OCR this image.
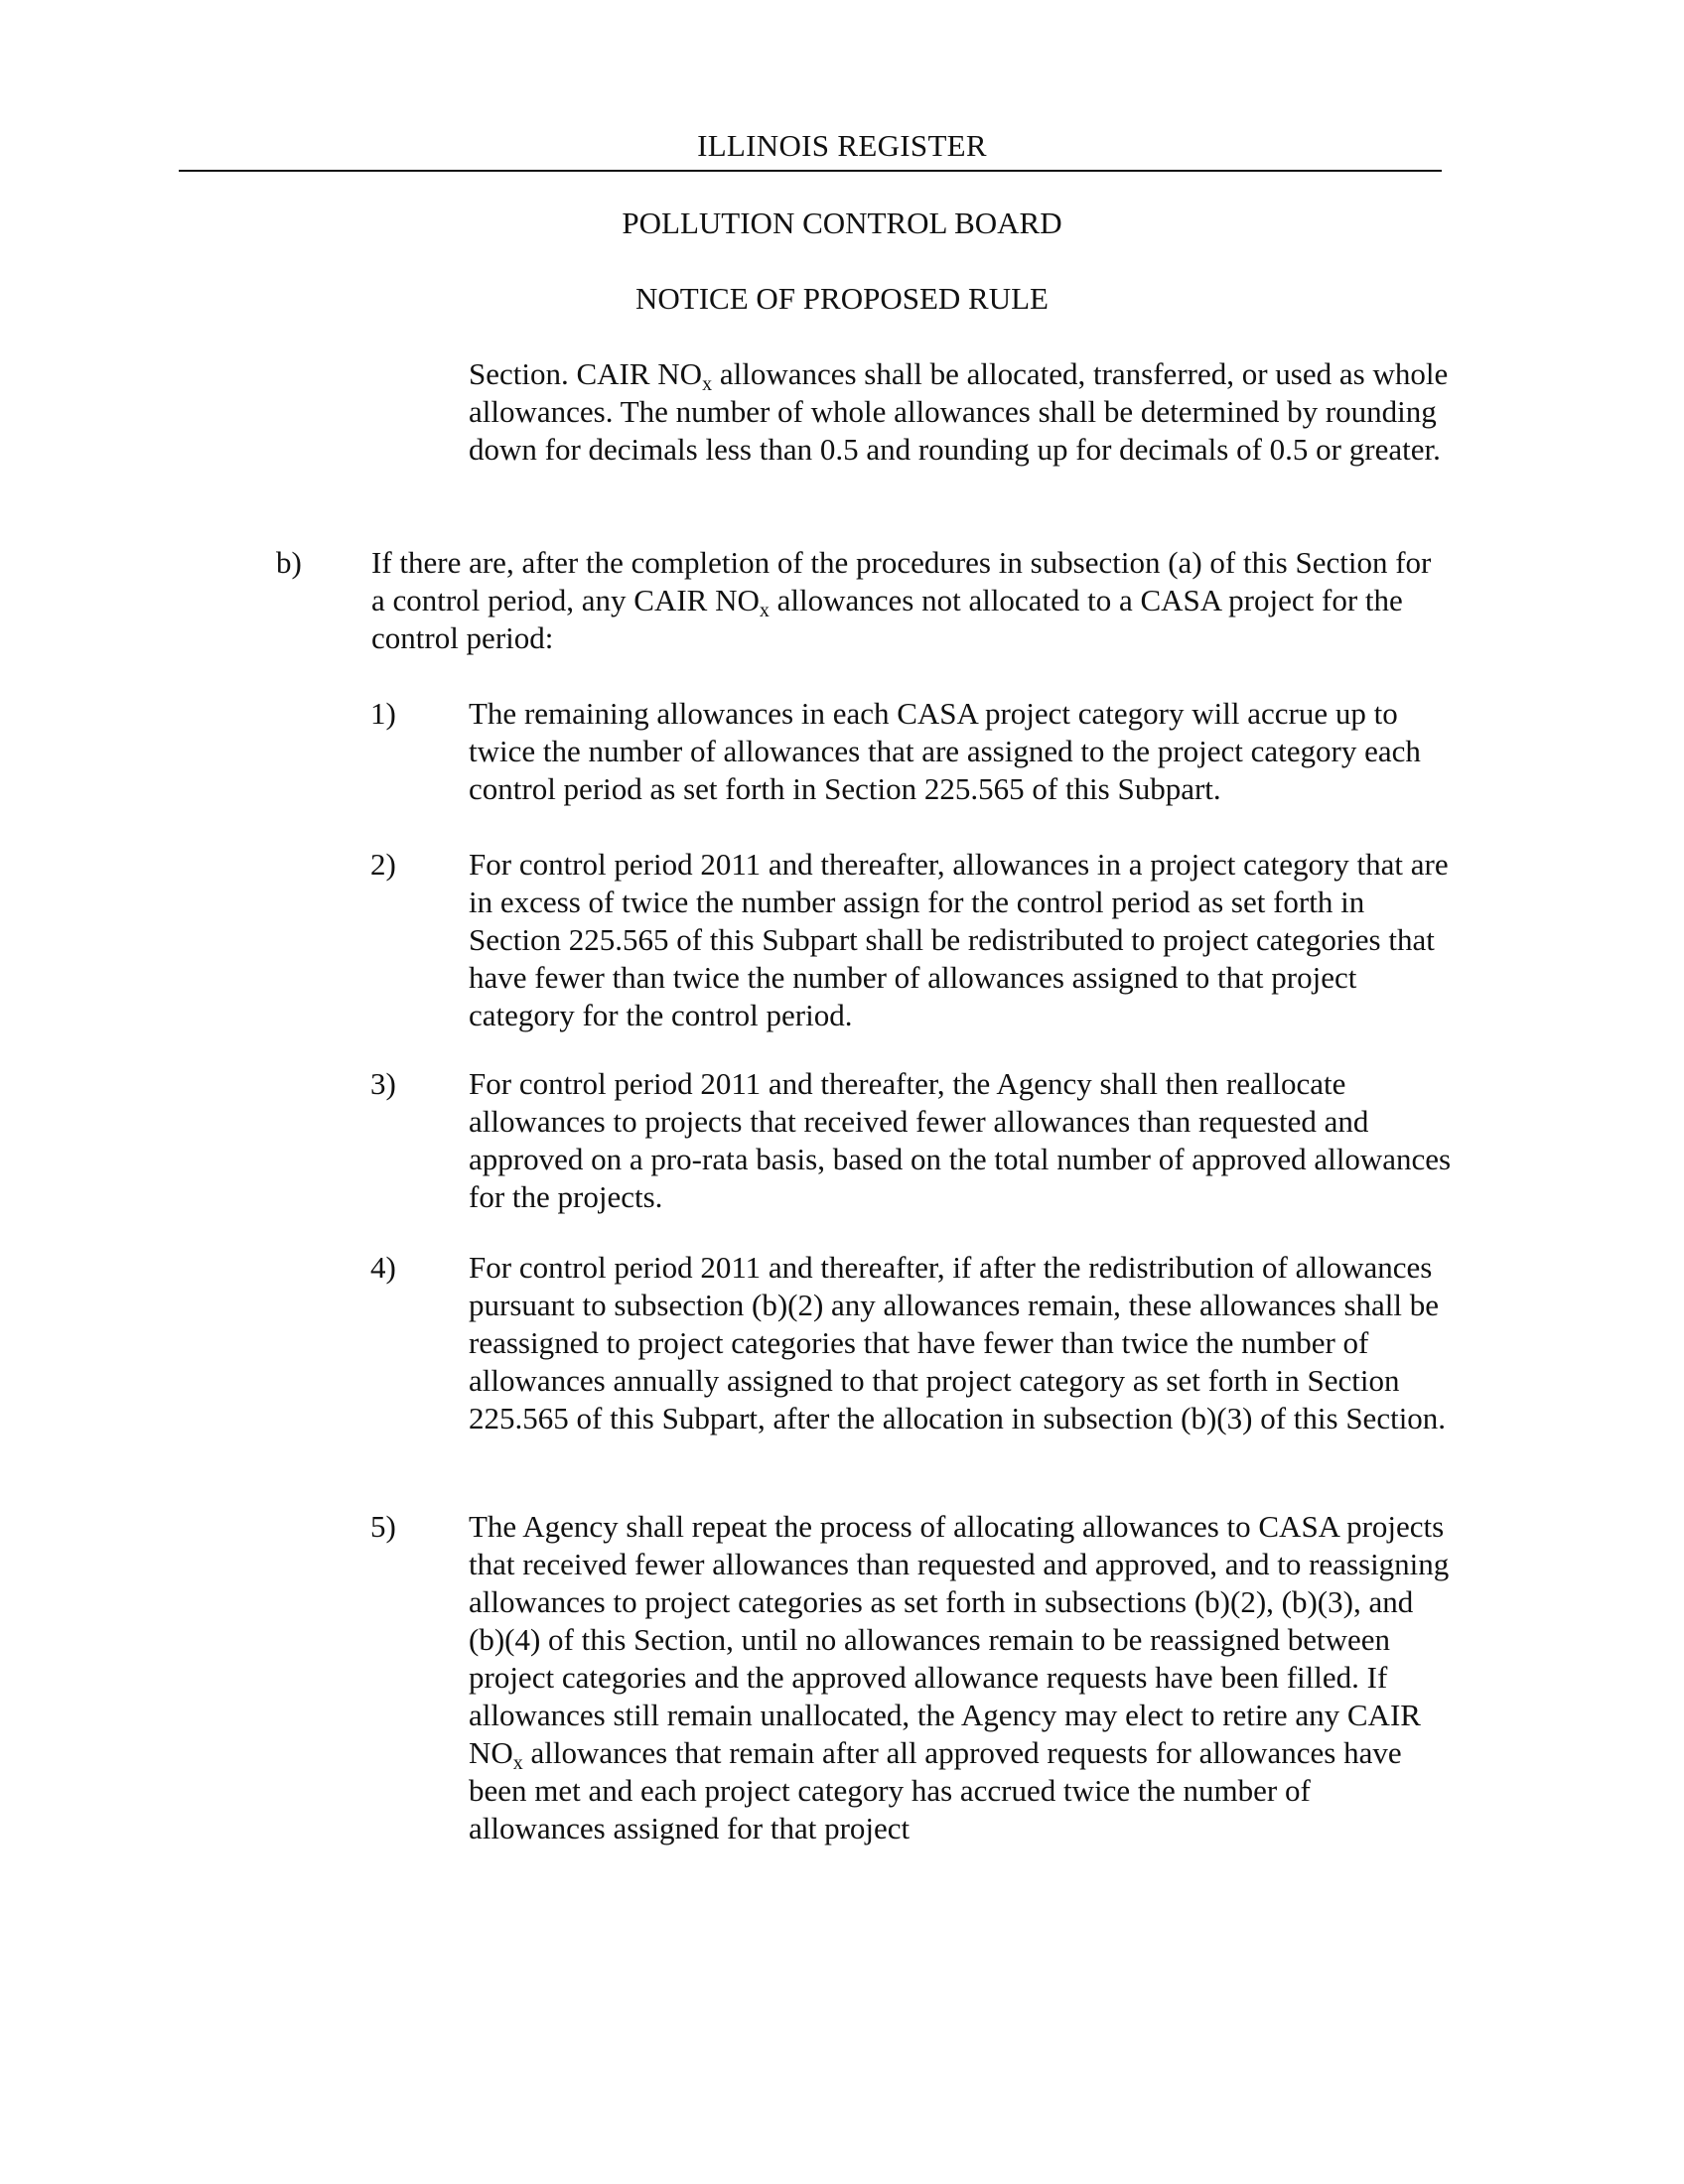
ILLINOIS REGISTER
POLLUTION CONTROL BOARD
NOTICE OF PROPOSED RULE

Section. CAIR $NO_x$ allowances shall be allocated, transferred, or used as whole allowances. The number of whole allowances shall be determined by rounding down for decimals less than 0.5 and rounding up for decimals of 0.5 or greater.

b) If there are, after the completion of the procedures in subsection (a) of this Section for a control period, any CAIR $NO_x$ allowances not allocated to a CASA project for the control period:

1) The remaining allowances in each CASA project category will accrue up to twice the number of allowances that are assigned to the project category each control period as set forth in Section 225.565 of this Subpart.

2) For control period 2011 and thereafter, allowances in a project category that are in excess of twice the number assign for the control period as set forth in Section 225.565 of this Subpart shall be redistributed to project categories that have fewer than twice the number of allowances assigned to that project category for the control period.

3) For control period 2011 and thereafter, the Agency shall then reallocate allowances to projects that received fewer allowances than requested and approved on a pro-rata basis, based on the total number of approved allowances for the projects.

4) For control period 2011 and thereafter, if after the redistribution of allowances pursuant to subsection (b)(2) any allowances remain, these allowances shall be reassigned to project categories that have fewer than twice the number of allowances annually assigned to that project category as set forth in Section 225.565 of this Subpart, after the allocation in subsection (b)(3) of this Section.

5) The Agency shall repeat the process of allocating allowances to CASA projects that received fewer allowances than requested and approved, and to reassigning allowances to project categories as set forth in subsections (b)(2), (b)(3), and (b)(4) of this Section, until no allowances remain to be reassigned between project categories and the approved allowance requests have been filled. If allowances still remain unallocated, the Agency may elect to retire any CAIR $NO_x$ allowances that remain after all approved requests for allowances have been met and each project category has accrued twice the number of allowances assigned for that project
